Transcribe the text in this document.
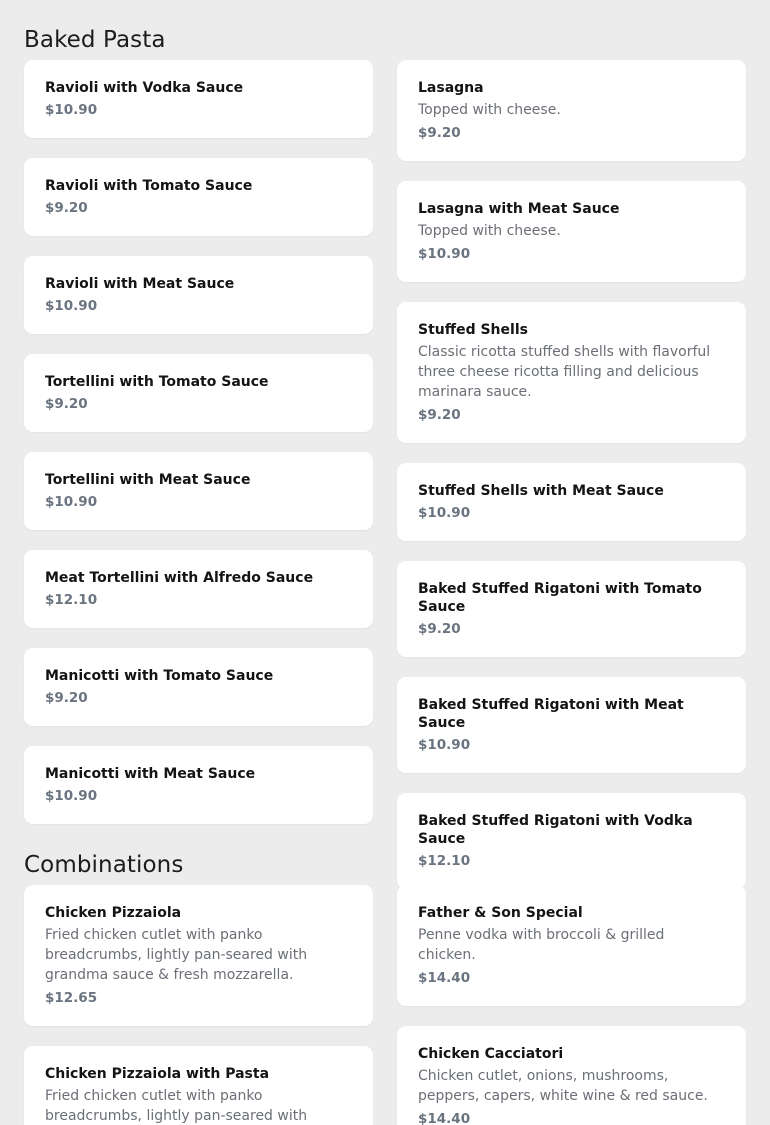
Baked Pasta
Ravioli with Vodka Sauce
$10.90
Ravioli with Tomato Sauce
$9.20
Ravioli with Meat Sauce
$10.90
Tortellini with Tomato Sauce
$9.20
Tortellini with Meat Sauce
$10.90
Meat Tortellini with Alfredo Sauce
$12.10
Manicotti with Tomato Sauce
$9.20
Manicotti with Meat Sauce
$10.90
Lasagna
Topped with cheese.
$9.20
Lasagna with Meat Sauce
Topped with cheese.
$10.90
Stuffed Shells
Classic ricotta stuffed shells with flavorful three cheese ricotta filling and delicious marinara sauce.
$9.20
Stuffed Shells with Meat Sauce
$10.90
Baked Stuffed Rigatoni with Tomato Sauce
$9.20
Baked Stuffed Rigatoni with Meat Sauce
$10.90
Baked Stuffed Rigatoni with Vodka Sauce
$12.10
Combinations
Chicken Pizzaiola
Fried chicken cutlet with panko breadcrumbs, lightly pan-seared with grandma sauce & fresh mozzarella.
$12.65
Chicken Pizzaiola with Pasta
Fried chicken cutlet with panko breadcrumbs, lightly pan-seared with
Father & Son Special
Penne vodka with broccoli & grilled chicken.
$14.40
Chicken Cacciatori
Chicken cutlet, onions, mushrooms, peppers, capers, white wine & red sauce.
$14.40
